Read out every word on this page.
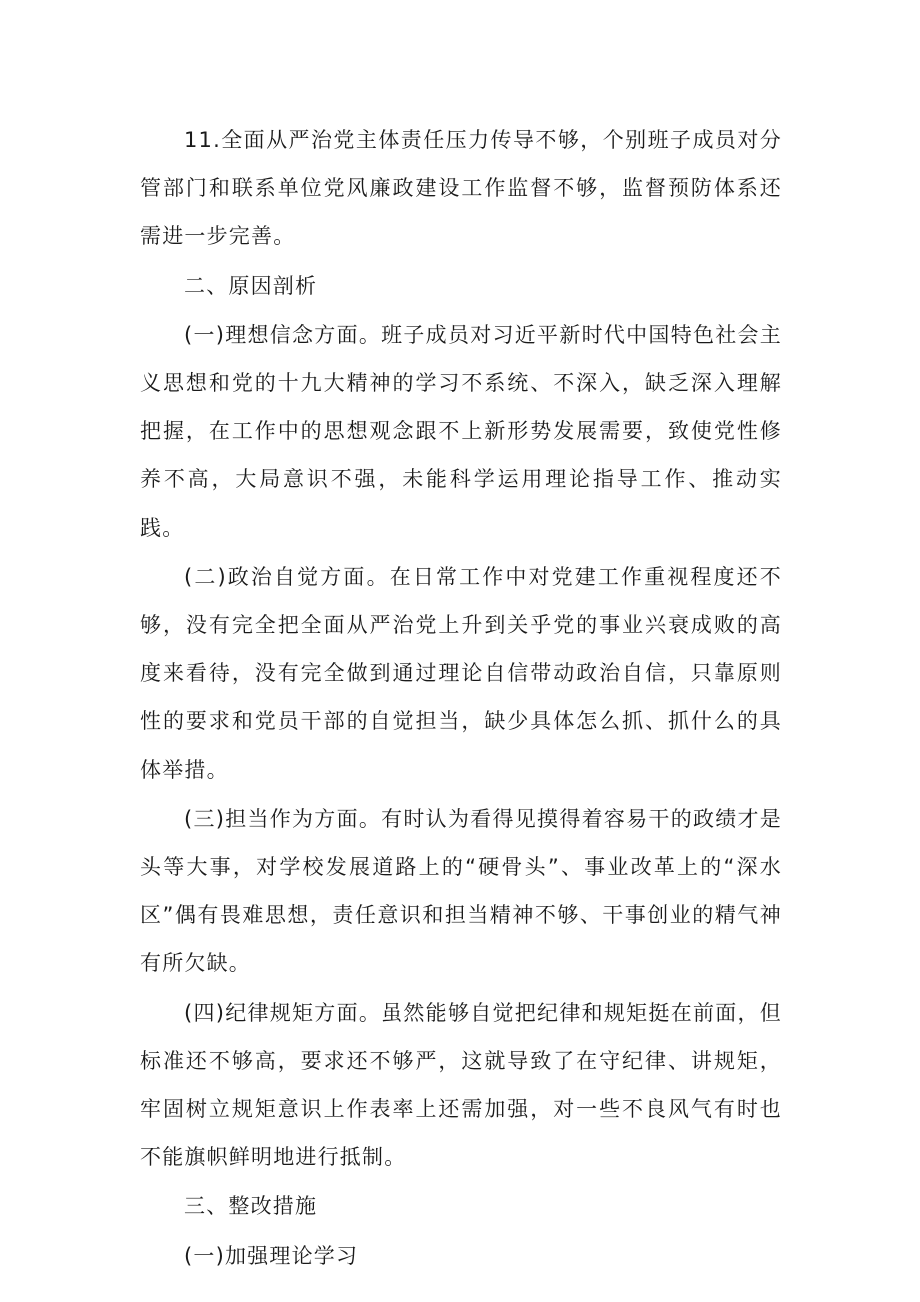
11.全面从严治党主体责任压力传导不够，个别班子成员对分管部门和联系单位党风廉政建设工作监督不够，监督预防体系还需进一步完善。

二、原因剖析

(一)理想信念方面。班子成员对习近平新时代中国特色社会主义思想和党的十九大精神的学习不系统、不深入，缺乏深入理解把握，在工作中的思想观念跟不上新形势发展需要，致使党性修养不高，大局意识不强，未能科学运用理论指导工作、推动实践。

(二)政治自觉方面。在日常工作中对党建工作重视程度还不够，没有完全把全面从严治党上升到关乎党的事业兴衰成败的高度来看待，没有完全做到通过理论自信带动政治自信，只靠原则性的要求和党员干部的自觉担当，缺少具体怎么抓、抓什么的具体举措。

(三)担当作为方面。有时认为看得见摸得着容易干的政绩才是头等大事，对学校发展道路上的“硬骨头”、事业改革上的“深水区”偶有畏难思想，责任意识和担当精神不够、干事创业的精气神有所欠缺。

(四)纪律规矩方面。虽然能够自觉把纪律和规矩挺在前面，但标准还不够高，要求还不够严，这就导致了在守纪律、讲规矩，牢固树立规矩意识上作表率上还需加强，对一些不良风气有时也不能旗帜鲜明地进行抵制。

三、整改措施

(一)加强理论学习
